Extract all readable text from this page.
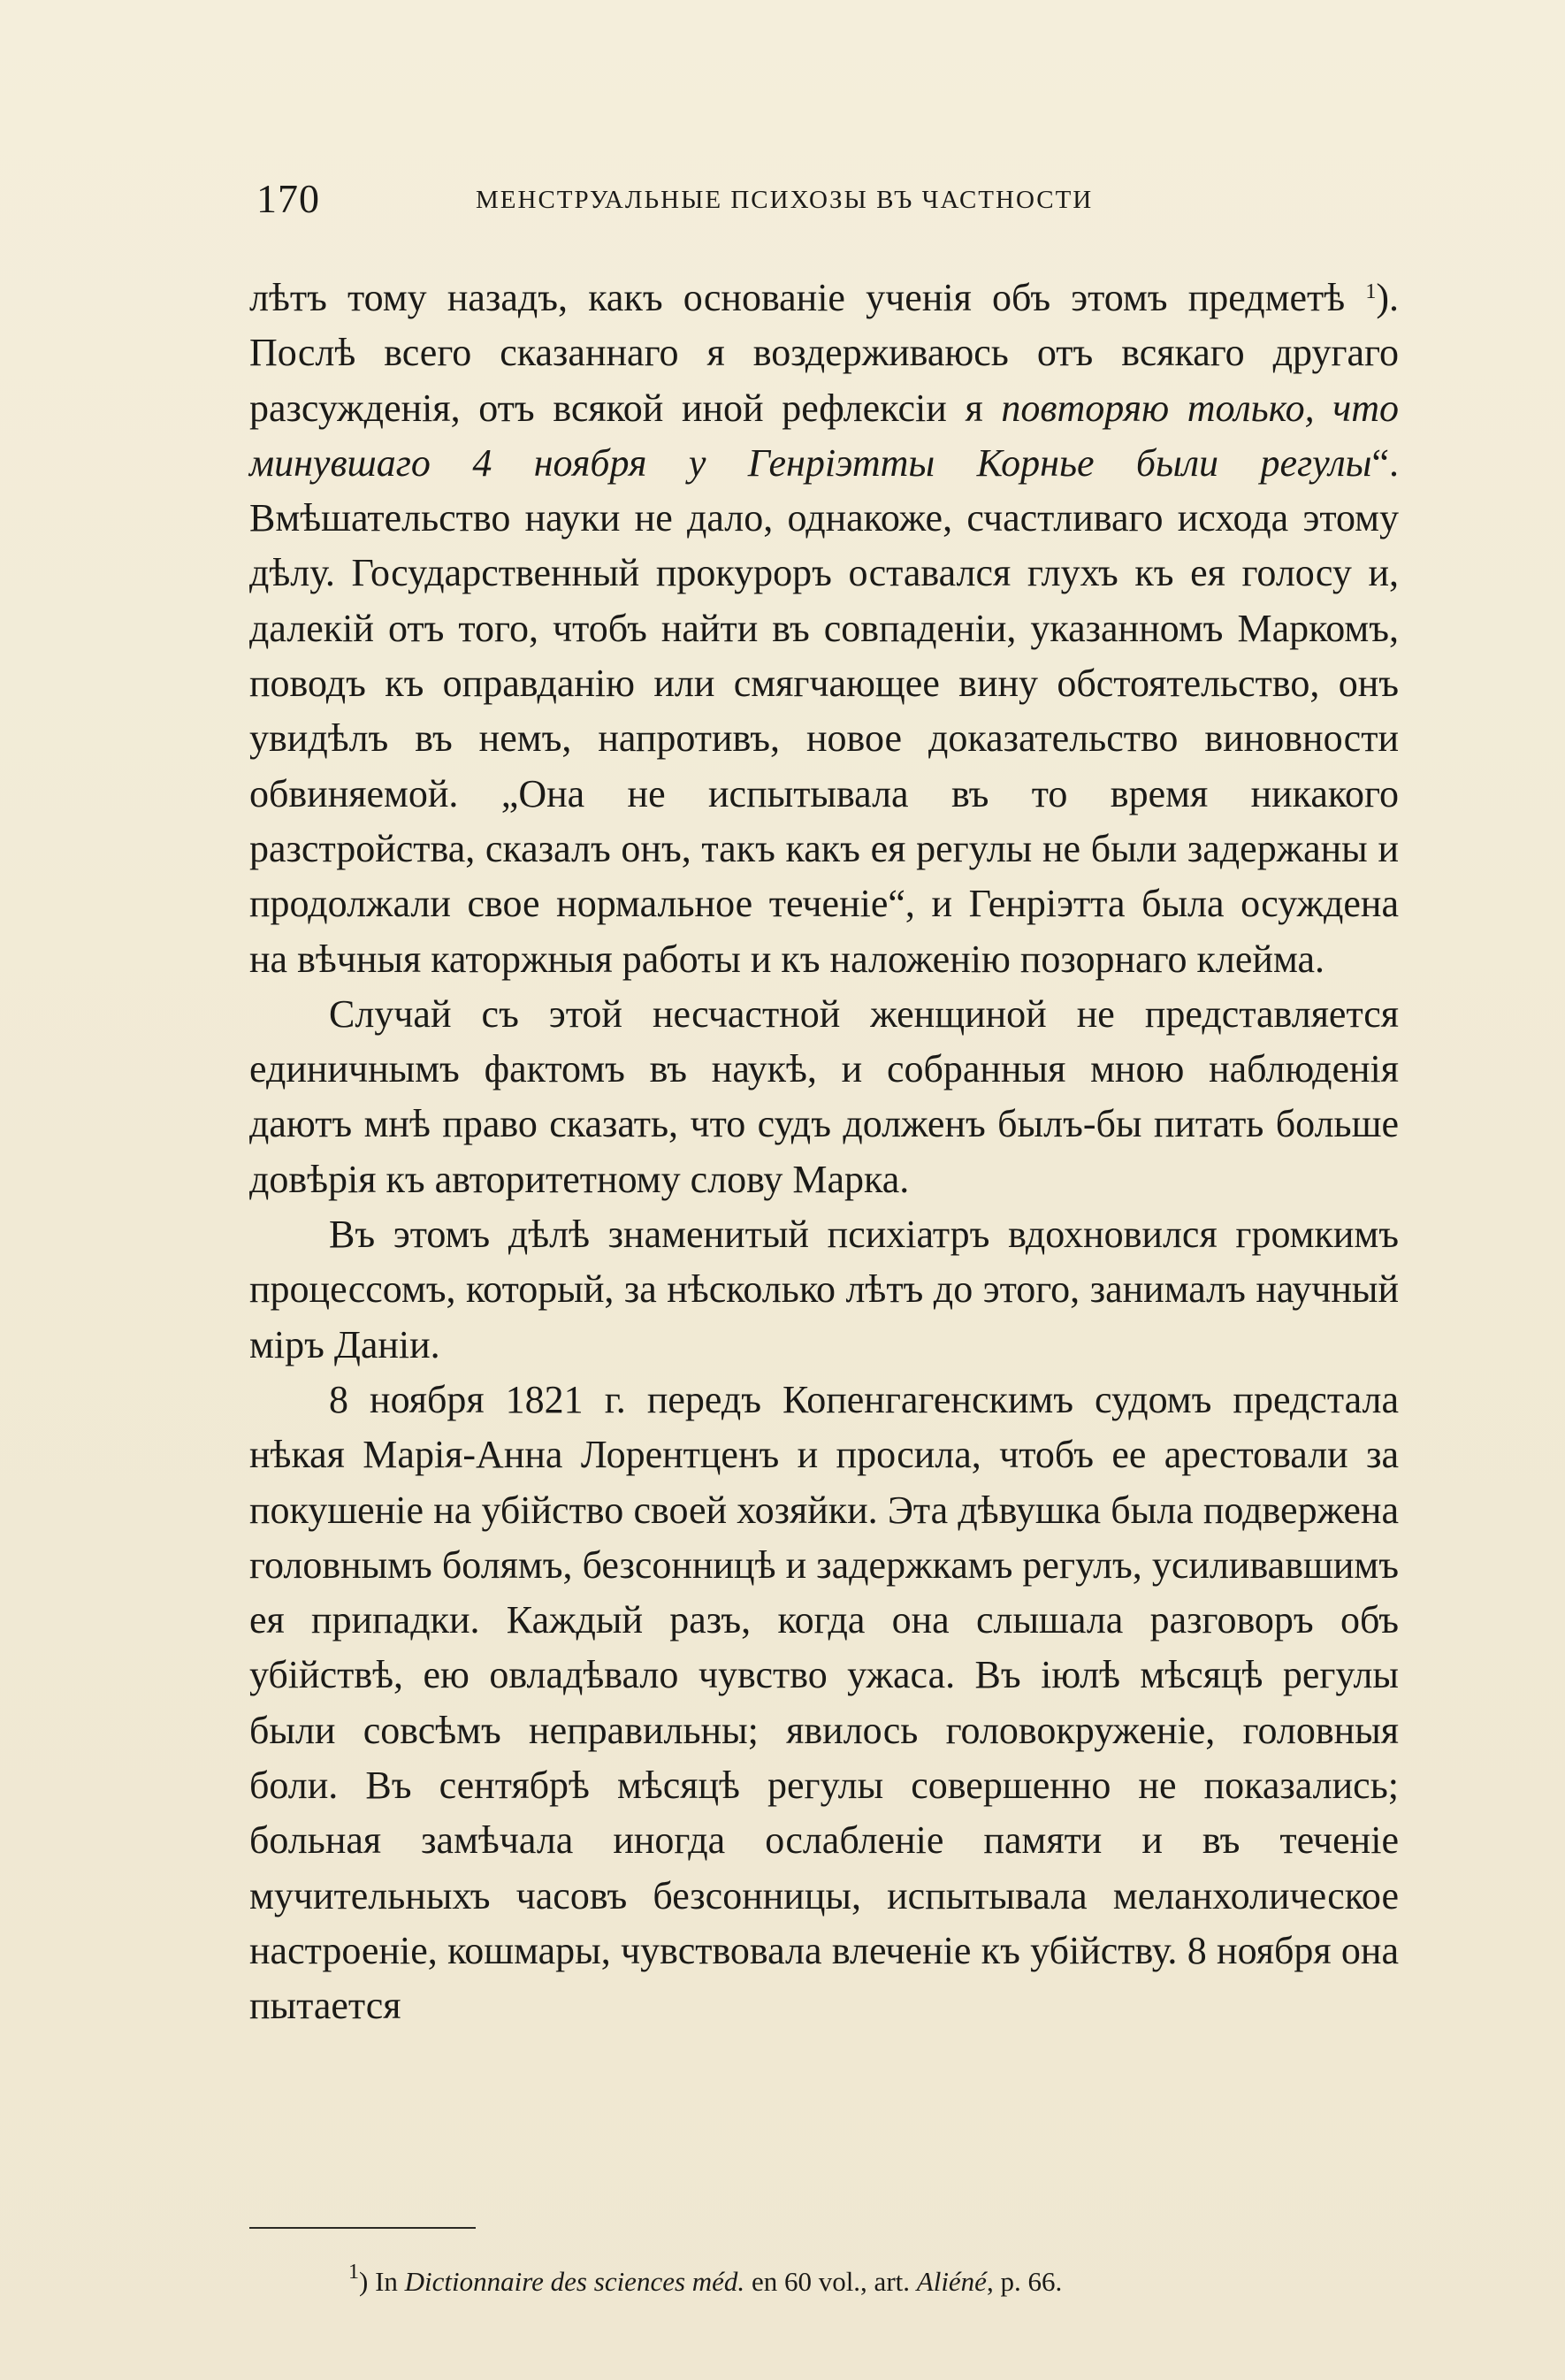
170	МЕНСТРУАЛЬНЫЕ ПСИХОЗЫ ВЪ ЧАСТНОСТИ

лѣтъ тому назадъ, какъ основанiе ученiя объ этомъ предметѣ $^1$). Послѣ всего сказаннаго я воздерживаюсь отъ всякаго другаго разсужденiя, отъ всякой иной рефлексiи я повторяю только, что минувшаго 4 ноября у Генрiэтты Корнье были регулы“. Вмѣшательство науки не дало, однакоже, счастливаго исхода этому дѣлу. Государственный прокуроръ оставался глухъ къ ея голосу и, далекiй отъ того, чтобъ найти въ совпаденiи, указанномъ Маркомъ, поводъ къ оправданiю или смягчающее вину обстоятельство, онъ увидѣлъ въ немъ, напротивъ, новое доказательство виновности обвиняемой. „Она не испытывала въ то время никакого разстройства, сказалъ онъ, такъ какъ ея регулы не были задержаны и продолжали свое нормальное теченiе“, и Генрiэтта была осуждена на вѣчныя каторжныя работы и къ наложенiю позорнаго клейма.

Случай съ этой несчастной женщиной не представляется единичнымъ фактомъ въ наукѣ, и собранныя мною наблюденiя даютъ мнѣ право сказать, что судъ долженъ былъ-бы питать больше довѣрiя къ авторитетному слову Марка.

Въ этомъ дѣлѣ знаменитый психiатръ вдохновился громкимъ процессомъ, который, за нѣсколько лѣтъ до этого, занималъ научный мiръ Данiи.

8 ноября 1821 г. передъ Копенгагенскимъ судомъ предстала нѣкая Марiя-Анна Лорентценъ и просила, чтобъ ее арестовали за покушенiе на убiйство своей хозяйки. Эта дѣвушка была подвержена головнымъ болямъ, безсонницѣ и задержкамъ регулъ, усиливавшимъ ея припадки. Каждый разъ, когда она слышала разговоръ объ убiйствѣ, ею овладѣвало чувство ужаса. Въ iюлѣ мѣсяцѣ регулы были совсѣмъ неправильны; явилось головокруженiе, головныя боли. Въ сентябрѣ мѣсяцѣ регулы совершенно не показались; больная замѣчала иногда ослабленiе памяти и въ теченiе мучительныхъ часовъ безсонницы, испытывала меланхолическое настроенiе, кошмары, чувствовала влеченiе къ убiйству. 8 ноября она пытается

$^1$) In Dictionnaire des sciences méd. en 60 vol., art. Aliéné, p. 66.
